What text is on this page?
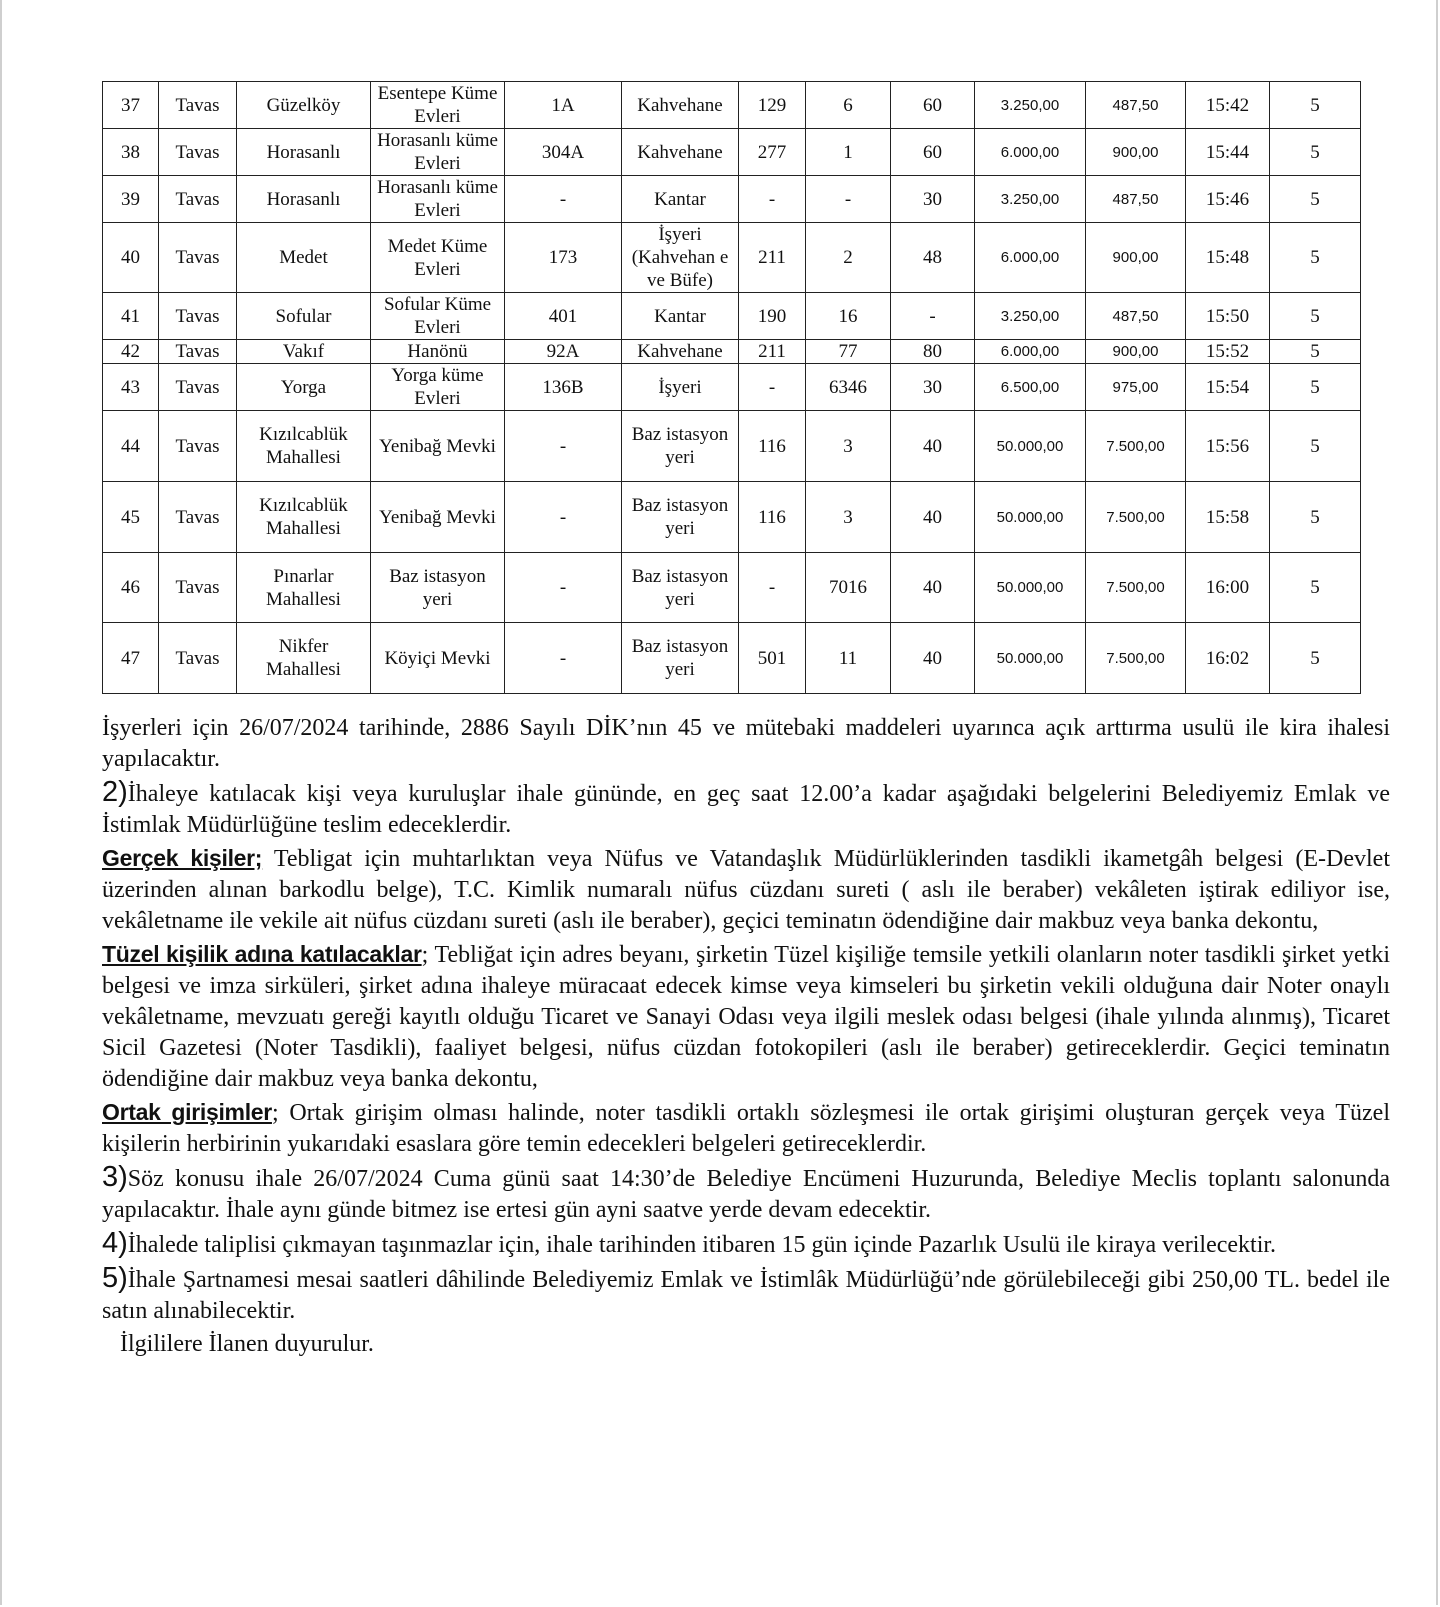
37	Tavas	Güzelköy	Esentepe Küme Evleri	1A	Kahvehane	129	6	60	3.250,00	487,50	15:42	5
38	Tavas	Horasanlı	Horasanlı küme Evleri	304A	Kahvehane	277	1	60	6.000,00	900,00	15:44	5
39	Tavas	Horasanlı	Horasanlı küme Evleri	-	Kantar	-	-	30	3.250,00	487,50	15:46	5
40	Tavas	Medet	Medet Küme Evleri	173	İşyeri (Kahvehan e ve Büfe)	211	2	48	6.000,00	900,00	15:48	5
41	Tavas	Sofular	Sofular Küme Evleri	401	Kantar	190	16	-	3.250,00	487,50	15:50	5
42	Tavas	Vakıf	Hanönü	92A	Kahvehane	211	77	80	6.000,00	900,00	15:52	5
43	Tavas	Yorga	Yorga küme Evleri	136B	İşyeri	-	6346	30	6.500,00	975,00	15:54	5
44	Tavas	Kızılcablük Mahallesi	Yenibağ Mevki	-	Baz istasyon yeri	116	3	40	50.000,00	7.500,00	15:56	5
45	Tavas	Kızılcablük Mahallesi	Yenibağ Mevki	-	Baz istasyon yeri	116	3	40	50.000,00	7.500,00	15:58	5
46	Tavas	Pınarlar Mahallesi	Baz istasyon yeri	-	Baz istasyon yeri	-	7016	40	50.000,00	7.500,00	16:00	5
47	Tavas	Nikfer Mahallesi	Köyiçi Mevki	-	Baz istasyon yeri	501	11	40	50.000,00	7.500,00	16:02	5

İşyerleri için 26/07/2024 tarihinde, 2886 Sayılı DİK’nın 45 ve mütebaki maddeleri uyarınca açık arttırma usulü ile kira ihalesi yapılacaktır.

2)İhaleye katılacak kişi veya kuruluşlar ihale gününde, en geç saat 12.00’a kadar aşağıdaki belgelerini Belediyemiz Emlak ve İstimlak Müdürlüğüne teslim edeceklerdir.

Gerçek kişiler; Tebligat için muhtarlıktan veya Nüfus ve Vatandaşlık Müdürlüklerinden tasdikli ikametgâh belgesi (E-Devlet üzerinden alınan barkodlu belge), T.C. Kimlik numaralı nüfus cüzdanı sureti ( aslı ile beraber) vekâleten iştirak ediliyor ise, vekâletname ile vekile ait nüfus cüzdanı sureti (aslı ile beraber), geçici teminatın ödendiğine dair makbuz veya banka dekontu,

Tüzel kişilik adına katılacaklar; Tebliğat için adres beyanı, şirketin Tüzel kişiliğe temsile yetkili olanların noter tasdikli şirket yetki belgesi ve imza sirküleri, şirket adına ihaleye müracaat edecek kimse veya kimseleri bu şirketin vekili olduğuna dair Noter onaylı vekâletname, mevzuatı gereği kayıtlı olduğu Ticaret ve Sanayi Odası veya ilgili meslek odası belgesi (ihale yılında alınmış), Ticaret Sicil Gazetesi (Noter Tasdikli), faaliyet belgesi, nüfus cüzdan fotokopileri (aslı ile beraber) getireceklerdir. Geçici teminatın ödendiğine dair makbuz veya banka dekontu,

Ortak girişimler; Ortak girişim olması halinde, noter tasdikli ortaklı sözleşmesi ile ortak girişimi oluşturan gerçek veya Tüzel kişilerin herbirinin yukarıdaki esaslara göre temin edecekleri belgeleri getireceklerdir.

3)Söz konusu ihale 26/07/2024 Cuma günü saat 14:30’de Belediye Encümeni Huzurunda, Belediye Meclis toplantı salonunda yapılacaktır. İhale aynı günde bitmez ise ertesi gün ayni saatve yerde devam edecektir.

4)İhalede taliplisi çıkmayan taşınmazlar için, ihale tarihinden itibaren 15 gün içinde Pazarlık Usulü ile kiraya verilecektir.

5)İhale Şartnamesi mesai saatleri dâhilinde Belediyemiz Emlak ve İstimlâk Müdürlüğü’nde görülebileceği gibi 250,00 TL. bedel ile satın alınabilecektir.

İlgililere İlanen duyurulur.
